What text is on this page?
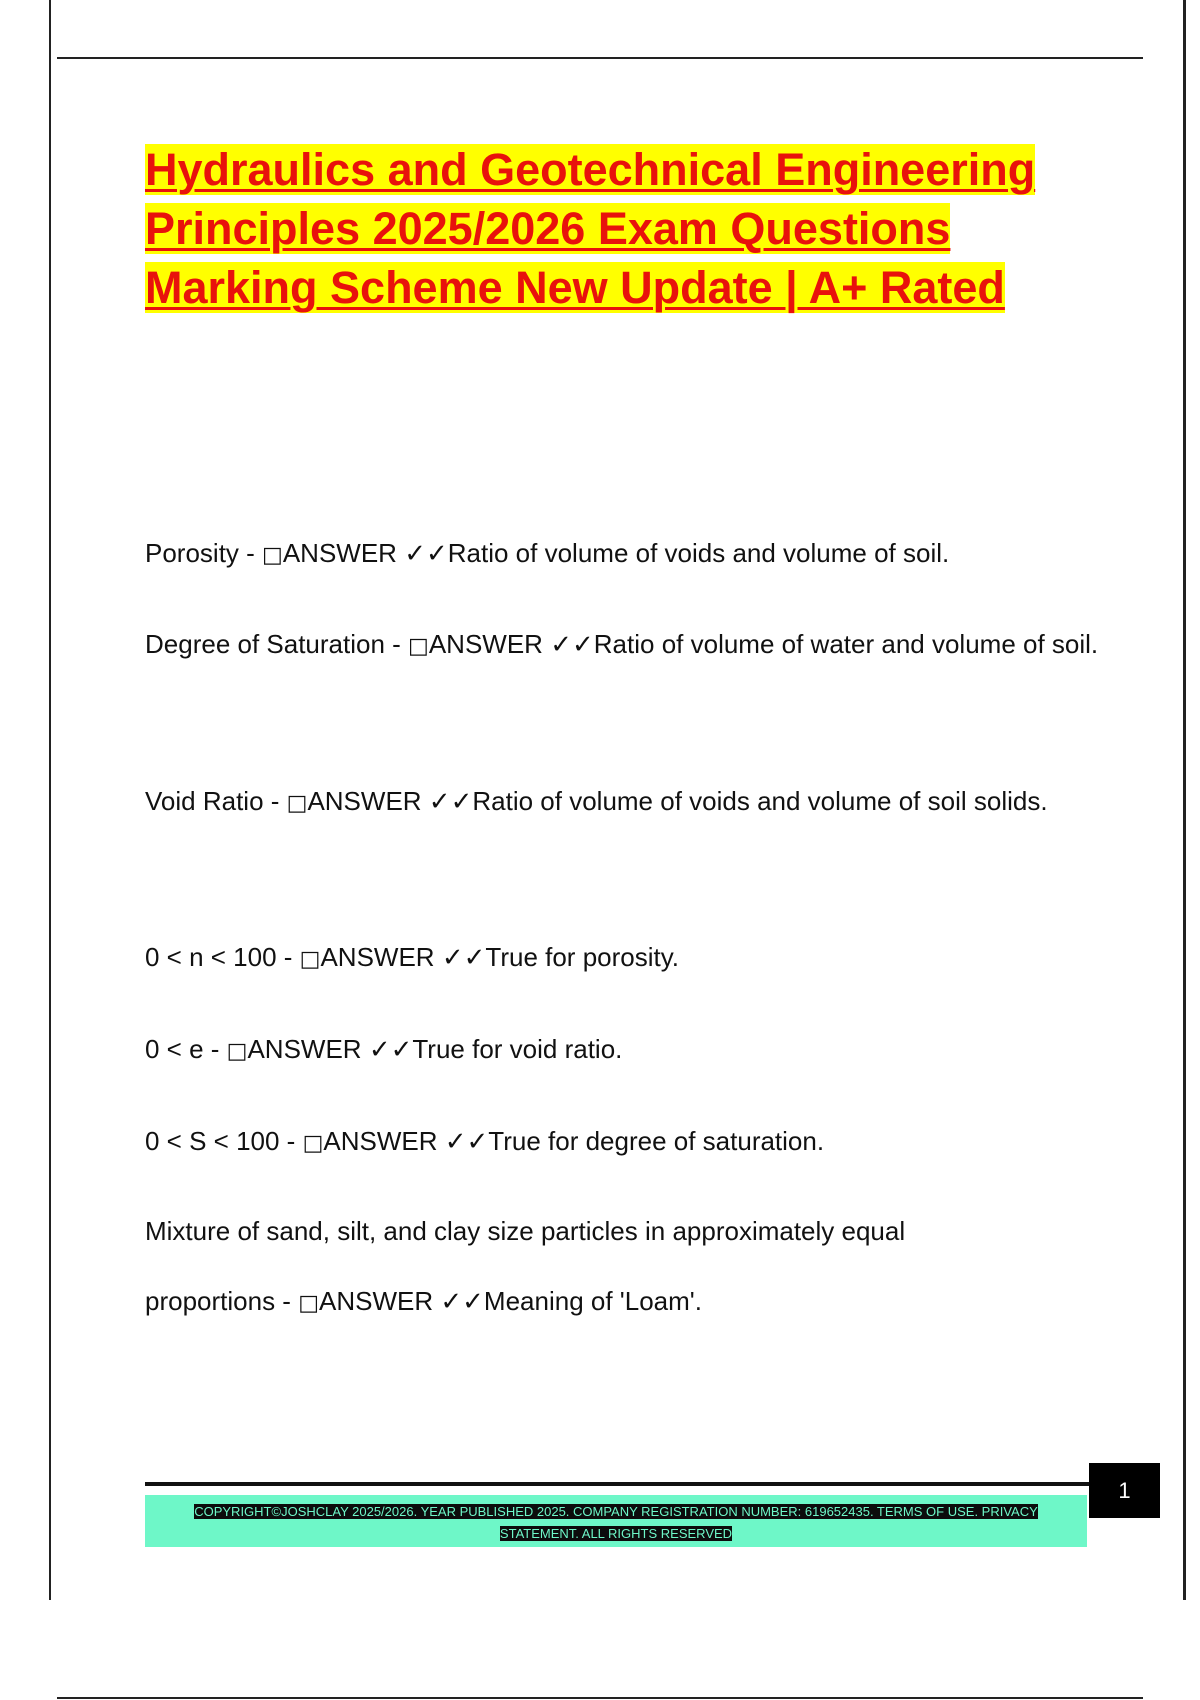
Hydraulics and Geotechnical Engineering Principles 2025/2026 Exam Questions Marking Scheme New Update | A+ Rated

Porosity - □ANSWER ✓✓Ratio of volume of voids and volume of soil.

Degree of Saturation - □ANSWER ✓✓Ratio of volume of water and volume of soil.

Void Ratio - □ANSWER ✓✓Ratio of volume of voids and volume of soil solids.

0 < n < 100 - □ANSWER ✓✓True for porosity.

0 < e - □ANSWER ✓✓True for void ratio.

0 < S < 100 - □ANSWER ✓✓True for degree of saturation.

Mixture of sand, silt, and clay size particles in approximately equal proportions - □ANSWER ✓✓Meaning of 'Loam'.

COPYRIGHT©JOSHCLAY 2025/2026. YEAR PUBLISHED 2025. COMPANY REGISTRATION NUMBER: 619652435. TERMS OF USE. PRIVACY STATEMENT. ALL RIGHTS RESERVED
1
